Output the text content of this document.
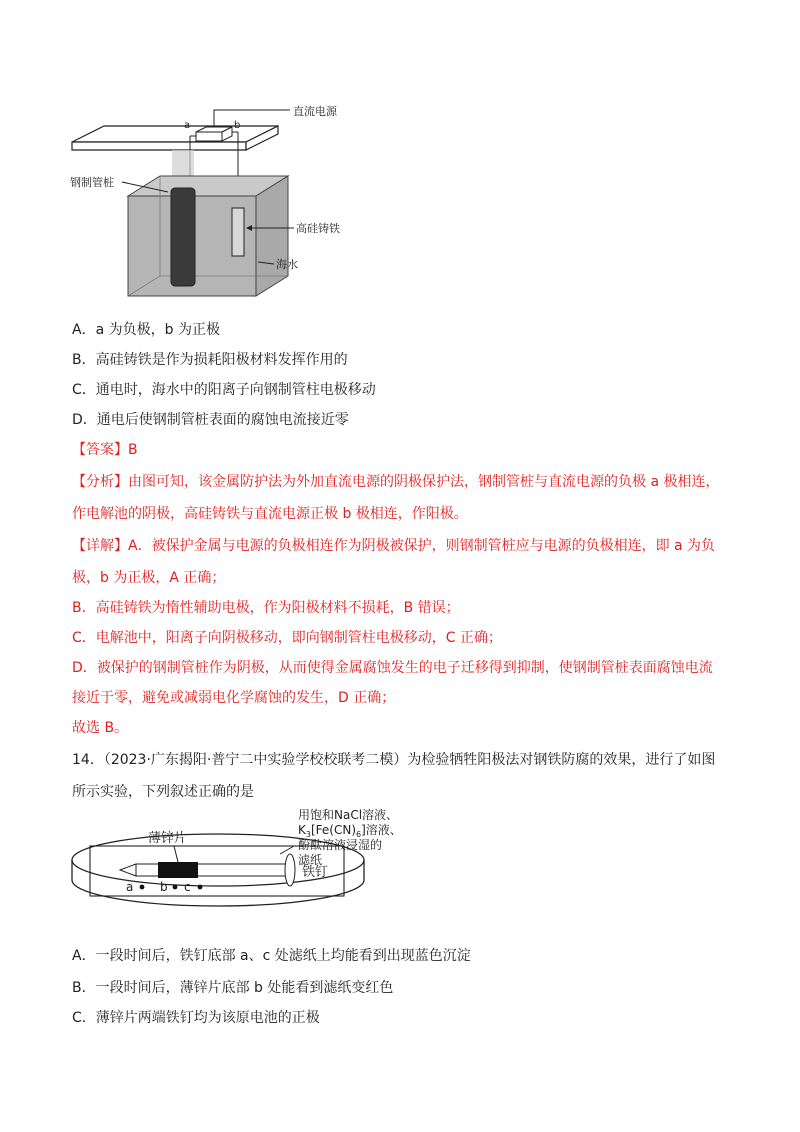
直流电源
a	b
钢制管桩
高硅铸铁
海水
A．a 为负极，b 为正极
B．高硅铸铁是作为损耗阳极材料发挥作用的
C．通电时，海水中的阳离子向钢制管柱电极移动
D．通电后使钢制管桩表面的腐蚀电流接近零
【答案】B
【分析】由图可知，该金属防护法为外加直流电源的阴极保护法，钢制管桩与直流电源的负极 a 极相连，
作电解池的阴极，高硅铸铁与直流电源正极 b 极相连，作阳极。
【详解】A．被保护金属与电源的负极相连作为阴极被保护，则钢制管桩应与电源的负极相连，即 a 为负
极，b 为正极，A 正确；
B．高硅铸铁为惰性辅助电极，作为阳极材料不损耗，B 错误；
C．电解池中，阳离子向阴极移动，即向钢制管柱电极移动，C 正确；
D．被保护的钢制管桩作为阴极，从而使得金属腐蚀发生的电子迁移得到抑制，使钢制管桩表面腐蚀电流
接近于零，避免或减弱电化学腐蚀的发生，D 正确；
故选 B。
14．（2023·广东揭阳·普宁二中实验学校校联考二模）为检验牺牲阳极法对钢铁防腐的效果，进行了如图
所示实验，下列叙述正确的是
薄锌片
铁钉
a b c
用饱和NaCl溶液、
$K_3[Fe(CN)_6]$溶液、
酚酞溶液浸湿的
滤纸
A．一段时间后，铁钉底部 a、c 处滤纸上均能看到出现蓝色沉淀
B．一段时间后，薄锌片底部 b 处能看到滤纸变红色
C．薄锌片两端铁钉均为该原电池的正极
